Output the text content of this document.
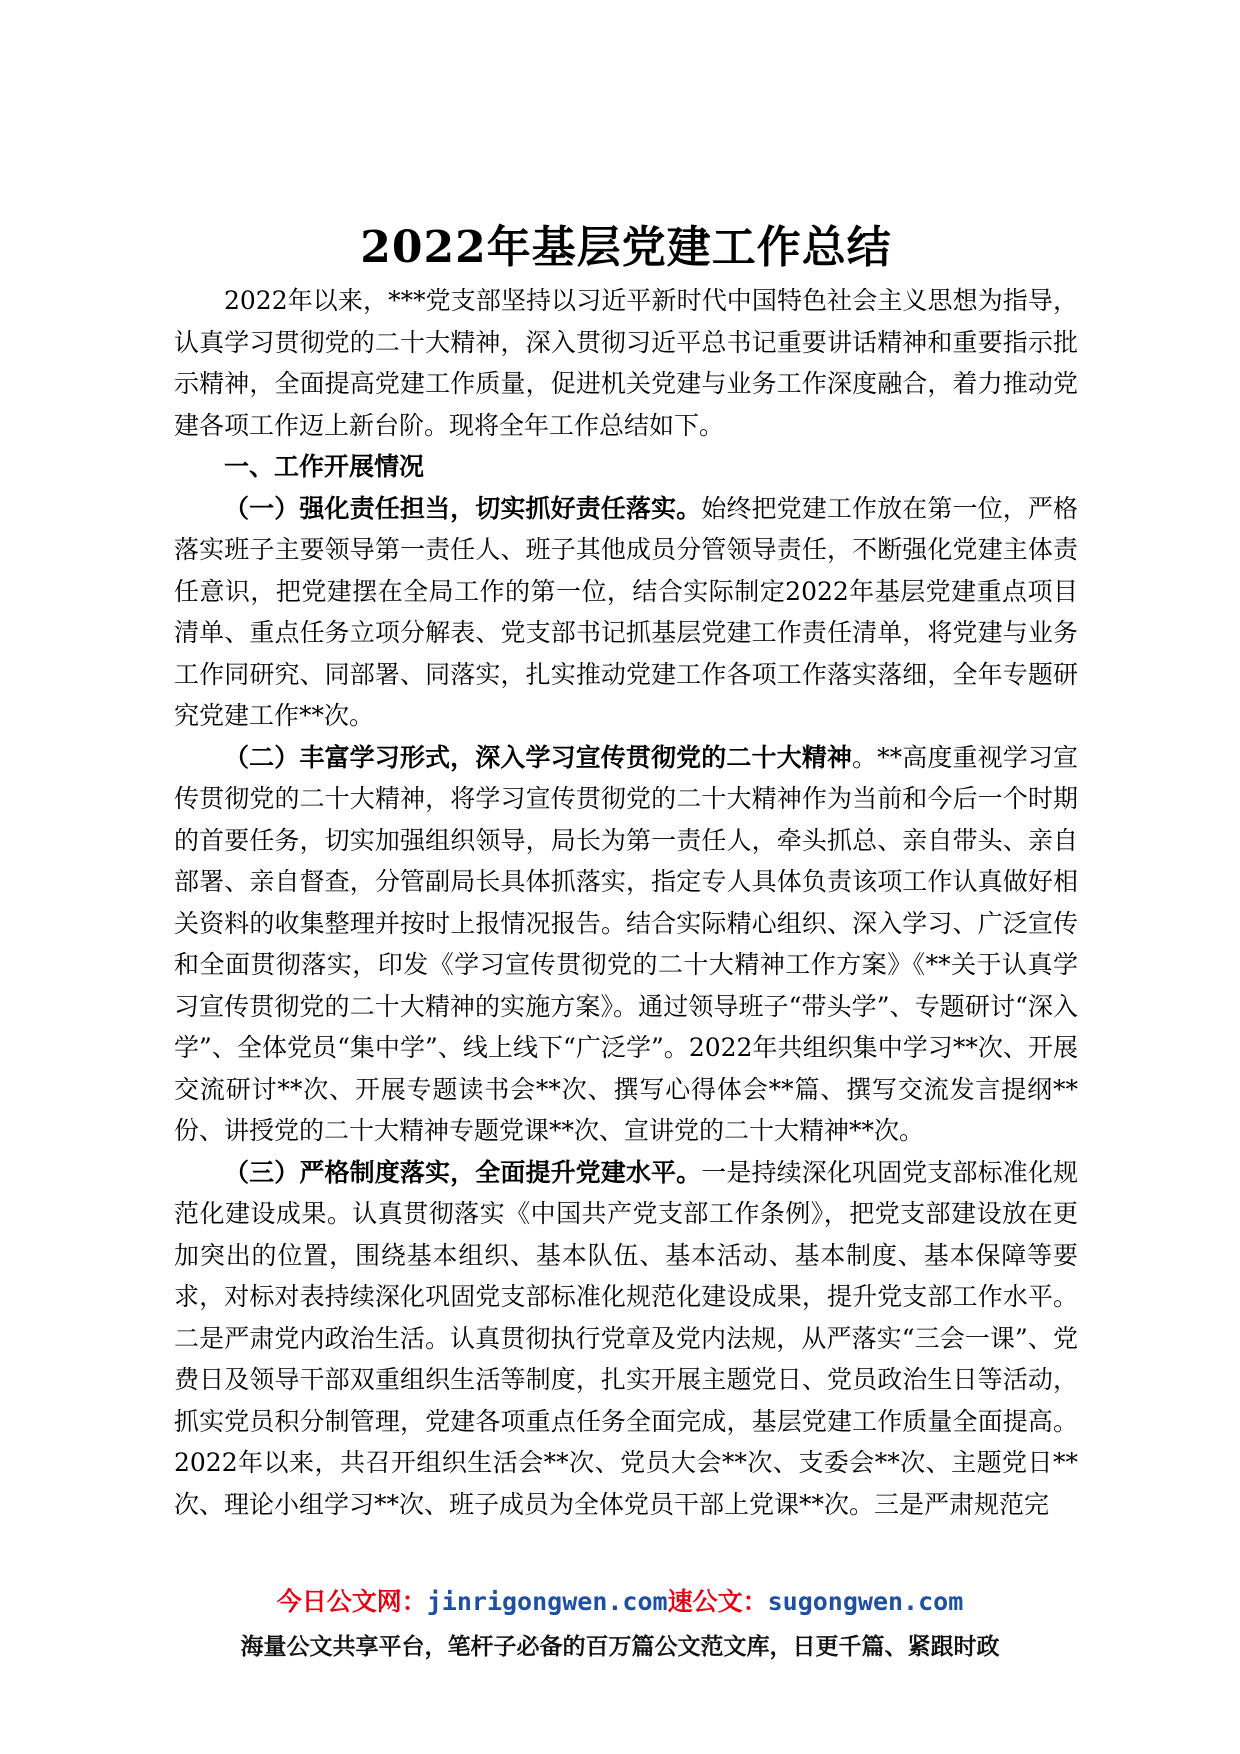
2022年基层党建工作总结

2022年以来，***党支部坚持以习近平新时代中国特色社会主义思想为指导，认真学习贯彻党的二十大精神，深入贯彻习近平总书记重要讲话精神和重要指示批示精神，全面提高党建工作质量，促进机关党建与业务工作深度融合，着力推动党建各项工作迈上新台阶。现将全年工作总结如下。

一、工作开展情况

（一）强化责任担当，切实抓好责任落实。始终把党建工作放在第一位，严格落实班子主要领导第一责任人、班子其他成员分管领导责任，不断强化党建主体责任意识，把党建摆在全局工作的第一位，结合实际制定2022年基层党建重点项目清单、重点任务立项分解表、党支部书记抓基层党建工作责任清单，将党建与业务工作同研究、同部署、同落实，扎实推动党建工作各项工作落实落细，全年专题研究党建工作**次。

（二）丰富学习形式，深入学习宣传贯彻党的二十大精神。**高度重视学习宣传贯彻党的二十大精神，将学习宣传贯彻党的二十大精神作为当前和今后一个时期的首要任务，切实加强组织领导，局长为第一责任人，牵头抓总、亲自带头、亲自部署、亲自督查，分管副局长具体抓落实，指定专人具体负责该项工作认真做好相关资料的收集整理并按时上报情况报告。结合实际精心组织、深入学习、广泛宣传和全面贯彻落实，印发《学习宣传贯彻党的二十大精神工作方案》《**关于认真学习宣传贯彻党的二十大精神的实施方案》。通过领导班子“带头学”、专题研讨“深入学”、全体党员“集中学”、线上线下“广泛学”。2022年共组织集中学习**次、开展交流研讨**次、开展专题读书会**次、撰写心得体会**篇、撰写交流发言提纲**份、讲授党的二十大精神专题党课**次、宣讲党的二十大精神**次。

（三）严格制度落实，全面提升党建水平。一是持续深化巩固党支部标准化规范化建设成果。认真贯彻落实《中国共产党支部工作条例》，把党支部建设放在更加突出的位置，围绕基本组织、基本队伍、基本活动、基本制度、基本保障等要求，对标对表持续深化巩固党支部标准化规范化建设成果，提升党支部工作水平。二是严肃党内政治生活。认真贯彻执行党章及党内法规，从严落实“三会一课”、党费日及领导干部双重组织生活等制度，扎实开展主题党日、党员政治生日等活动，抓实党员积分制管理，党建各项重点任务全面完成，基层党建工作质量全面提高。2022年以来，共召开组织生活会**次、党员大会**次、支委会**次、主题党日**次、理论小组学习**次、班子成员为全体党员干部上党课**次。三是严肃规范完

今日公文网：jinrigongwen.com速公文：sugongwen.com
海量公文共享平台，笔杆子必备的百万篇公文范文库，日更千篇、紧跟时政
